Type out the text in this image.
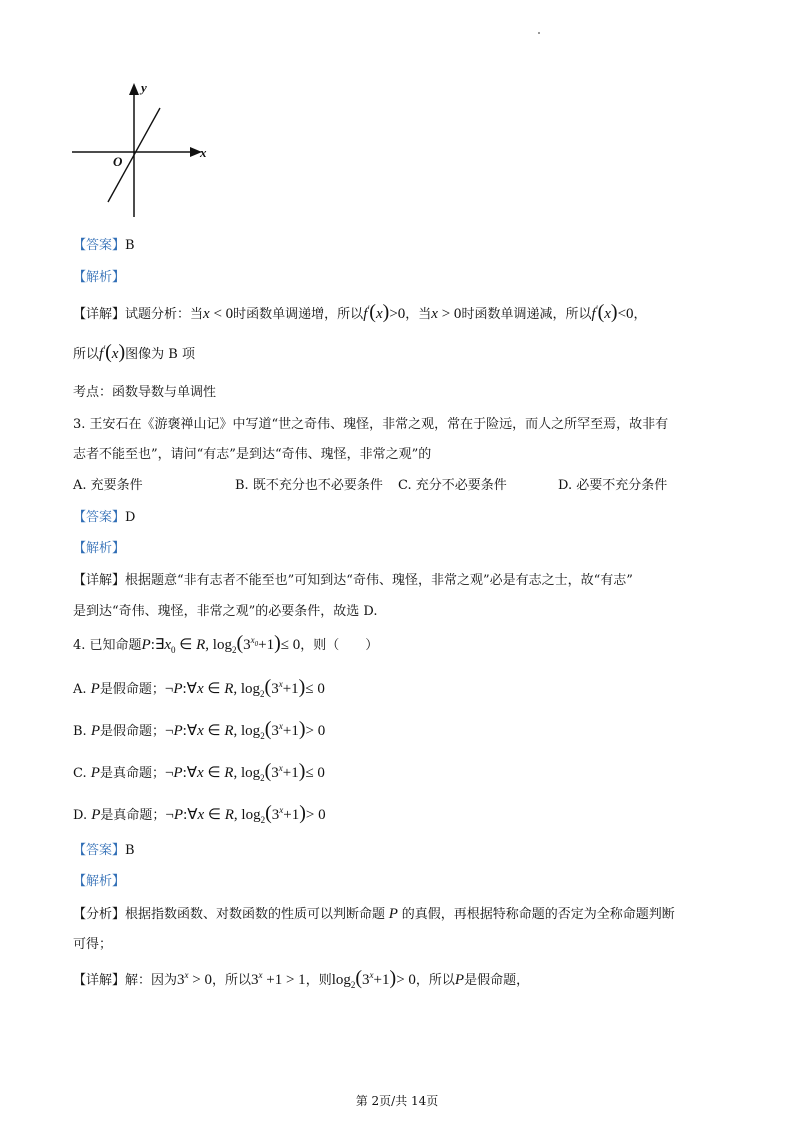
y
x
O
【答案】B
【解析】
【详解】试题分析：当x < 0时函数单调递增，所以f'(x)>0，当x > 0时函数单调递减，所以f'(x)<0，
所以f'(x)图像为 B 项
考点：函数导数与单调性
3. 王安石在《游褒禅山记》中写道“世之奇伟、瑰怪，非常之观，常在于险远，而人之所罕至焉，故非有
志者不能至也”，请问“有志”是到达“奇伟、瑰怪，非常之观”的
A. 充要条件	B. 既不充分也不必要条件 C. 充分不必要条件	D. 必要不充分条件
【答案】D
【解析】
【详解】根据题意“非有志者不能至也”可知到达“奇伟、瑰怪，非常之观”必是有志之士，故“有志”
是到达“奇伟、瑰怪，非常之观”的必要条件，故选 D.
4. 已知命题$P:\exists x_0$ ∈ R, $\log_2(3^{x_0}+1)\le 0$，则（　　）
A. P是假命题；¬P:∀x ∈ R, $\log_2(3^x+1)\le 0$
B. P是假命题；¬P:∀x ∈ R, $\log_2(3^x+1)> 0$
C. P是真命题；¬P:∀x ∈ R, $\log_2(3^x+1)\le 0$
D. P是真命题；¬P:∀x ∈ R, $\log_2(3^x+1)> 0$
【答案】B
【解析】
【分析】根据指数函数、对数函数的性质可以判断命题 P 的真假，再根据特称命题的否定为全称命题判断
可得；
【详解】解：因为$3^x > 0$，所以$3^x +1 > 1$，则$\log_2(3^x+1)> 0$，所以P是假命题，
第 2页/共 14页
